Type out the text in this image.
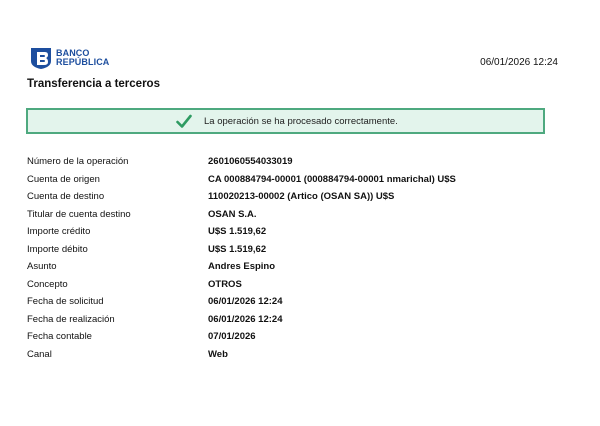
BANCO
REPÚBLICA	06/01/2026 12:24
Transferencia a terceros
La operación se ha procesado correctamente.
Número de la operación	2601060554033019
Cuenta de origen	CA 000884794-00001 (000884794-00001 nmarichal) U$S
Cuenta de destino	110020213-00002 (Artico (OSAN SA)) U$S
Titular de cuenta destino	OSAN S.A.
Importe crédito	U$S 1.519,62
Importe débito	U$S 1.519,62
Asunto	Andres Espino
Concepto	OTROS
Fecha de solicitud	06/01/2026 12:24
Fecha de realización	06/01/2026 12:24
Fecha contable	07/01/2026
Canal	Web
